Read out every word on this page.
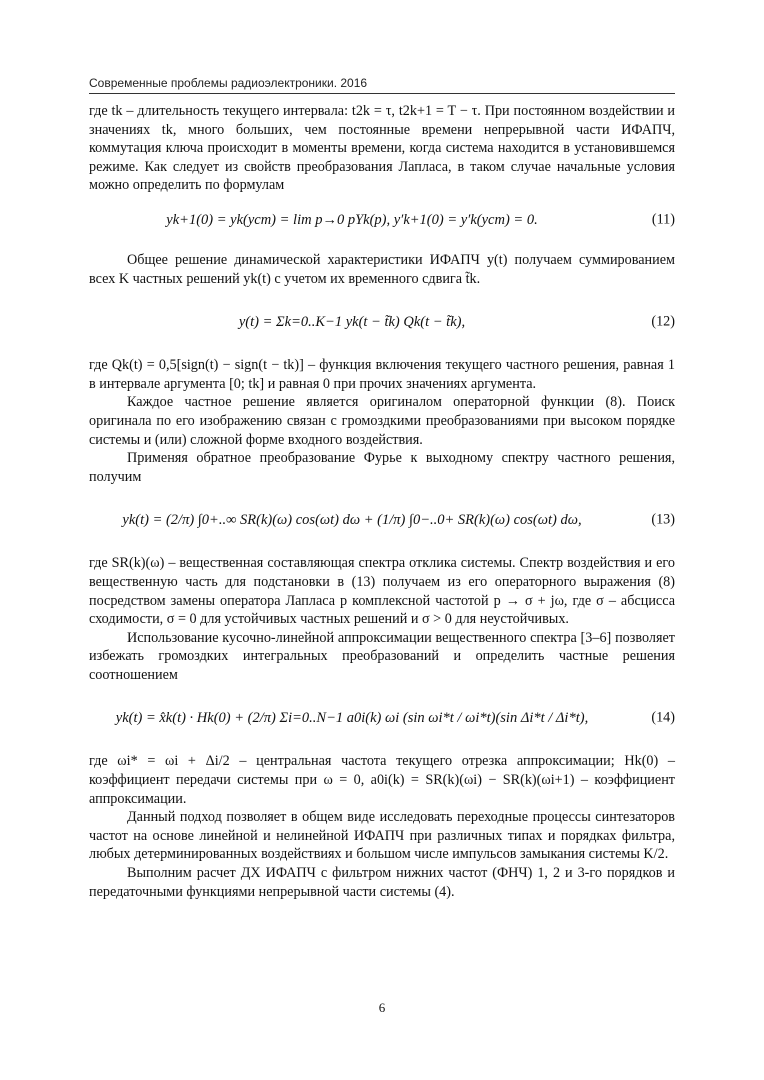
Современные проблемы радиоэлектроники. 2016

где tk – длительность текущего интервала: t2k = τ, t2k+1 = T − τ. При постоянном воздействии и значениях tk, много больших, чем постоянные времени непрерывной части ИФАПЧ, коммутация ключа происходит в моменты времени, когда система находится в установившемся режиме. Как следует из свойств преобразования Лапласа, в таком случае начальные условия можно определить по формулам

yk+1(0) = yk(уст) = lim p→0 pYk(p), y′k+1(0) = y′k(уст) = 0.	(11)

Общее решение динамической характеристики ИФАПЧ y(t) получаем суммированием всех K частных решений yk(t) с учетом их временного сдвига t̃k.

y(t) = Σk=0..K−1 yk(t − t̃k) Qk(t − t̃k),	(12)

где Qk(t) = 0,5[sign(t) − sign(t − tk)] – функция включения текущего частного решения, равная 1 в интервале аргумента [0; tk] и равная 0 при прочих значениях аргумента.

Каждое частное решение является оригиналом операторной функции (8). Поиск оригинала по его изображению связан с громоздкими преобразованиями при высоком порядке системы и (или) сложной форме входного воздействия.

Применяя обратное преобразование Фурье к выходному спектру частного решения, получим

yk(t) = (2/π) ∫0+..∞ SR(k)(ω) cos(ωt) dω + (1/π) ∫0−..0+ SR(k)(ω) cos(ωt) dω,	(13)

где SR(k)(ω) – вещественная составляющая спектра отклика системы. Спектр воздействия и его вещественную часть для подстановки в (13) получаем из его операторного выражения (8) посредством замены оператора Лапласа p комплексной частотой p → σ + jω, где σ – абсцисса сходимости, σ = 0 для устойчивых частных решений и σ > 0 для неустойчивых.

Использование кусочно-линейной аппроксимации вещественного спектра [3–6] позволяет избежать громоздких интегральных преобразований и определить частные решения соотношением

yk(t) = x̂k(t) · Hk(0) + (2/π) Σi=0..N−1 a0i(k) ωi (sin ωi*t / ωi*t)(sin Δi*t / Δi*t),	(14)

где ωi* = ωi + Δi/2 – центральная частота текущего отрезка аппроксимации; Hk(0) – коэффициент передачи системы при ω = 0, a0i(k) = SR(k)(ωi) − SR(k)(ωi+1) – коэффициент аппроксимации.

Данный подход позволяет в общем виде исследовать переходные процессы синтезаторов частот на основе линейной и нелинейной ИФАПЧ при различных типах и порядках фильтра, любых детерминированных воздействиях и большом числе импульсов замыкания системы K/2.

Выполним расчет ДХ ИФАПЧ с фильтром нижних частот (ФНЧ) 1, 2 и 3-го порядков и передаточными функциями непрерывной части системы (4).

6
